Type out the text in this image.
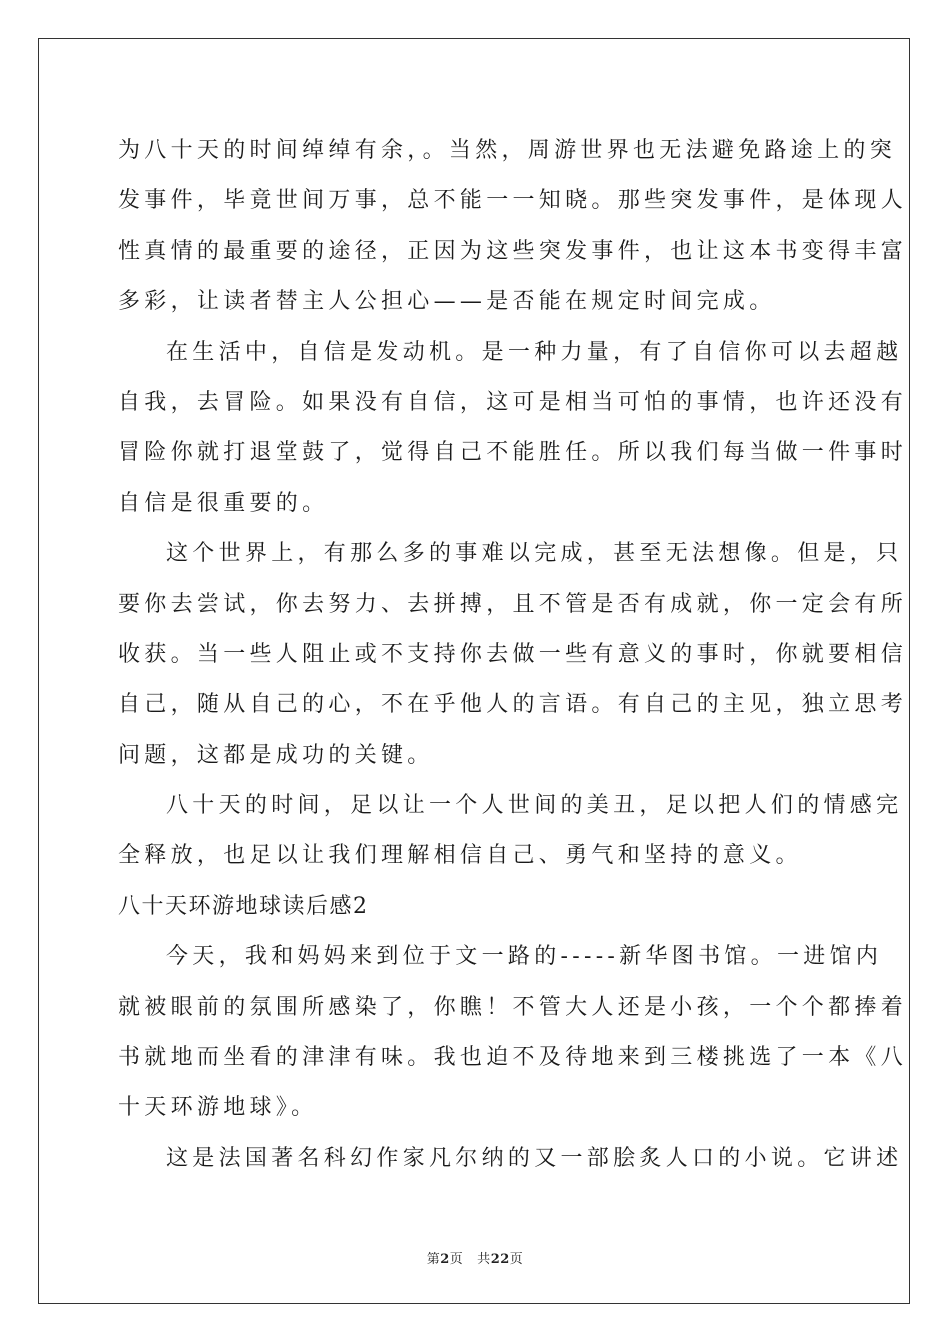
为八十天的时间绰绰有余，。当然，周游世界也无法避免路途上的突
发事件，毕竟世间万事，总不能一一知晓。那些突发事件，是体现人
性真情的最重要的途径，正因为这些突发事件，也让这本书变得丰富
多彩，让读者替主人公担心——是否能在规定时间完成。
在生活中，自信是发动机。是一种力量，有了自信你可以去超越
自我，去冒险。如果没有自信，这可是相当可怕的事情，也许还没有
冒险你就打退堂鼓了，觉得自己不能胜任。所以我们每当做一件事时
自信是很重要的。
这个世界上，有那么多的事难以完成，甚至无法想像。但是，只
要你去尝试，你去努力、去拼搏，且不管是否有成就，你一定会有所
收获。当一些人阻止或不支持你去做一些有意义的事时，你就要相信
自己，随从自己的心，不在乎他人的言语。有自己的主见，独立思考
问题，这都是成功的关键。
八十天的时间，足以让一个人世间的美丑，足以把人们的情感完
全释放，也足以让我们理解相信自己、勇气和坚持的意义。
八十天环游地球读后感2
今天，我和妈妈来到位于文一路的-----新华图书馆。一进馆内
就被眼前的氛围所感染了，你瞧！不管大人还是小孩，一个个都捧着
书就地而坐看的津津有味。我也迫不及待地来到三楼挑选了一本《八
十天环游地球》。
这是法国著名科幻作家凡尔纳的又一部脍炙人口的小说。它讲述
第2页 共22页
